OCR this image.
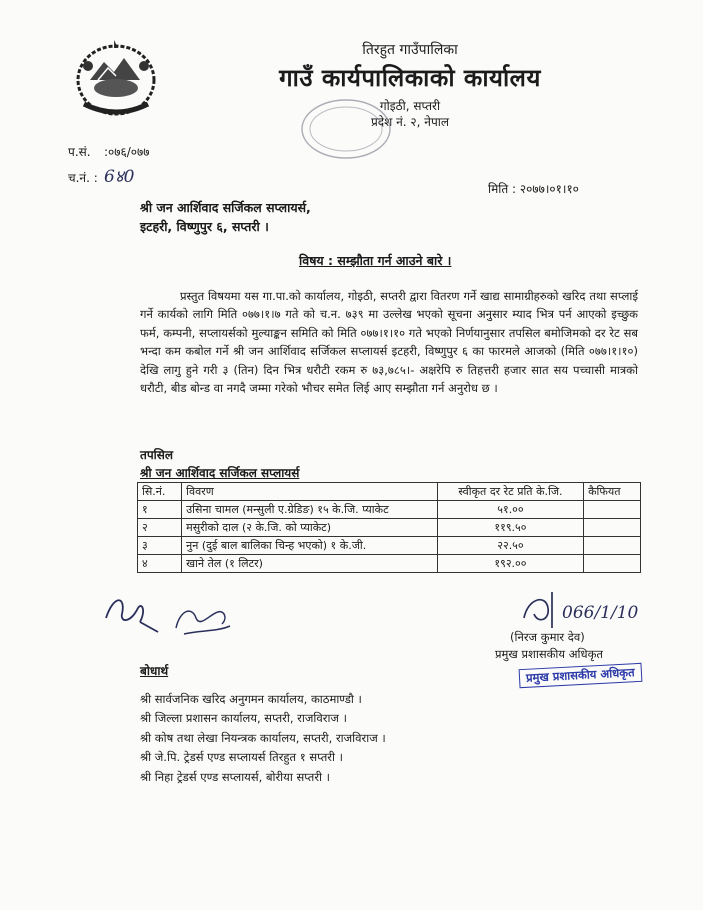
तिरहुत गाउँपालिका
गाउँ कार्यपालिकाको कार्यालय
गोइठी, सप्तरी
प्रदेश नं. २, नेपाल
प.सं. :०७६/०७७
च.नं. : 6४0
मिति : २०७७।०१।१०
श्री जन आर्शिवाद सर्जिकल सप्लायर्स,
इटहरी, विष्णुपुर ६, सप्तरी ।
विषय : सम्झौता गर्न आउने बारे ।

प्रस्तुत विषयमा यस गा.पा.को कार्यालय, गोइठी, सप्तरी द्वारा वितरण गर्ने खाद्य सामाग्रीहरुको खरिद तथा सप्लाई गर्ने कार्यको लागि मिति ०७७।१।७ गते को च.न. ७३९ मा उल्लेख भएको सूचना अनुसार म्याद भित्र पर्न आएको इच्छुक फर्म, कम्पनी, सप्लायर्सको मुल्याङ्कन समिति को मिति ०७७।१।१० गते भएको निर्णयानुसार तपसिल बमोजिमको दर रेट सब भन्दा कम कबोल गर्ने श्री जन आर्शिवाद सर्जिकल सप्लायर्स इटहरी, विष्णुपुर ६ का फारमले आजको (मिति ०७७।१।१०) देखि लागु हुने गरी ३ (तिन) दिन भित्र धरौटी रकम रु ७३,७८५।- अक्षरेपि रु तिहत्तरी हजार सात सय पच्चासी मात्रको धरौटी, बीड बोन्ड वा नगदै जम्मा गरेको भौचर समेत लिई आए सम्झौता गर्न अनुरोध छ ।

तपसिल
श्री जन आर्शिवाद सर्जिकल सप्लायर्स
सि.नं.	विवरण	स्वीकृत दर रेट प्रति के.जि.	कैफियत
१	उसिना चामल (मन्सुली ए.ग्रेडिङ) १५ के.जि. प्याकेट	५१.००	
२	मसुरीको दाल (२ के.जि. को प्याकेट)	११९.५०	
३	नुन (दुई बाल बालिका चिन्ह भएको) १ के.जी.	२२.५०	
४	खाने तेल (१ लिटर)	१९२.००	
066/1/10
(निरज कुमार देव)
प्रमुख प्रशासकीय अधिकृत
प्रमुख प्रशासकीय अधिकृत
बोधार्थ
श्री सार्वजनिक खरिद अनुगमन कार्यालय, काठमाण्डौ ।
श्री जिल्ला प्रशासन कार्यालय, सप्तरी, राजविराज ।
श्री कोष तथा लेखा नियन्त्रक कार्यालय, सप्तरी, राजविराज ।
श्री जे.पि. ट्रेडर्स एण्ड सप्लायर्स तिरहुत १ सप्तरी ।
श्री निहा ट्रेडर्स एण्ड सप्लायर्स, बोरीया सप्तरी ।
